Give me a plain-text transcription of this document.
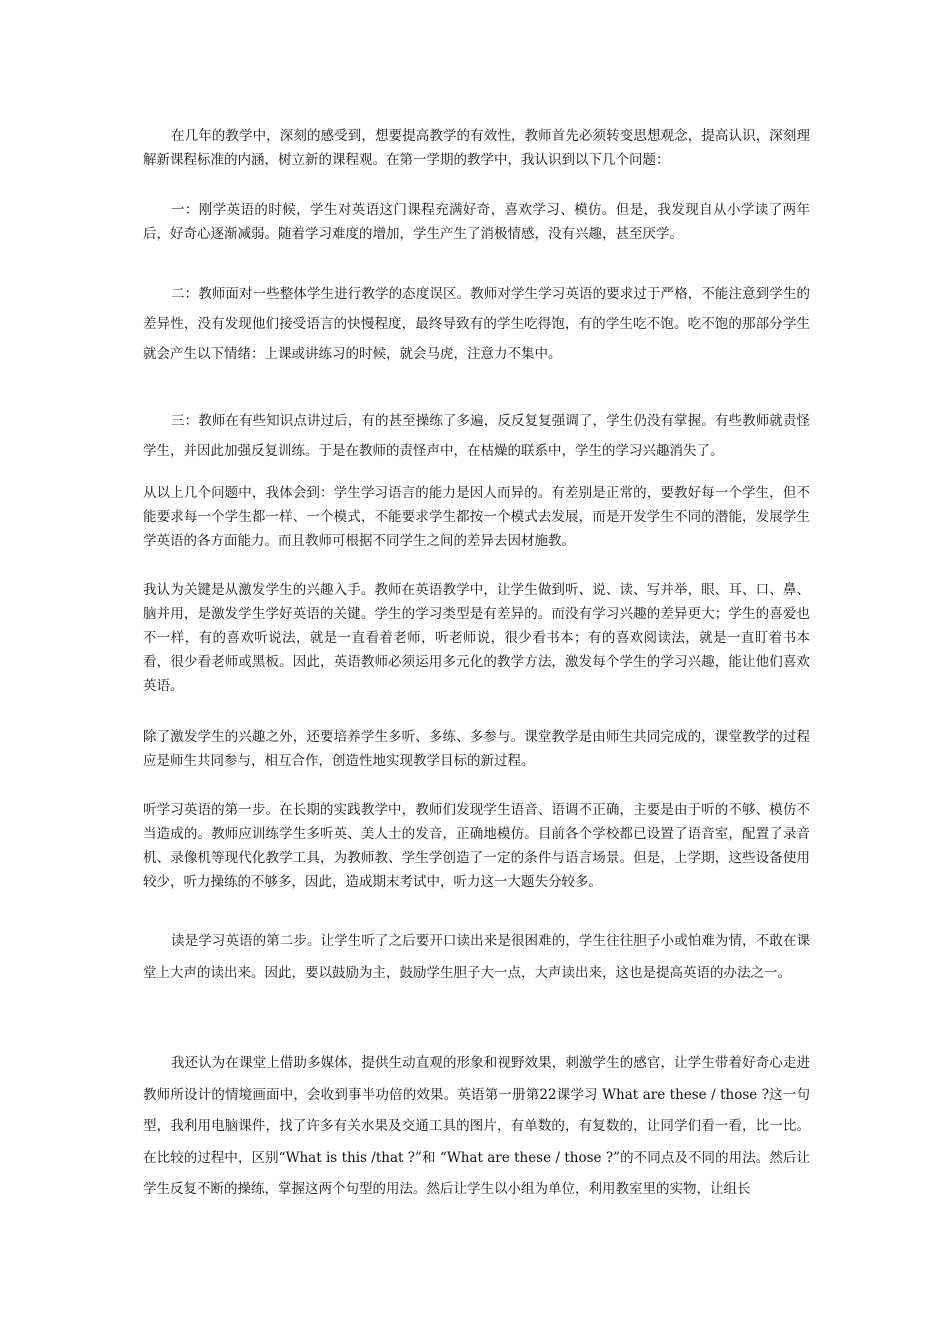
在几年的教学中，深刻的感受到，想要提高教学的有效性，教师首先必须转变思想观念，提高认识，深刻理解新课程标准的内涵，树立新的课程观。在第一学期的教学中，我认识到以下几个问题：

一：刚学英语的时候，学生对英语这门课程充满好奇，喜欢学习、模仿。但是，我发现自从小学读了两年后，好奇心逐渐减弱。随着学习难度的增加，学生产生了消极情感，没有兴趣，甚至厌学。

二：教师面对一些整体学生进行教学的态度误区。教师对学生学习英语的要求过于严格，不能注意到学生的差异性，没有发现他们接受语言的快慢程度，最终导致有的学生吃得饱，有的学生吃不饱。吃不饱的那部分学生就会产生以下情绪：上课或讲练习的时候，就会马虎，注意力不集中。

三：教师在有些知识点讲过后，有的甚至操练了多遍，反反复复强调了，学生仍没有掌握。有些教师就责怪学生，并因此加强反复训练。于是在教师的责怪声中，在枯燥的联系中，学生的学习兴趣消失了。

从以上几个问题中，我体会到：学生学习语言的能力是因人而异的。有差别是正常的，要教好每一个学生，但不能要求每一个学生都一样、一个模式，不能要求学生都按一个模式去发展，而是开发学生不同的潜能，发展学生学英语的各方面能力。而且教师可根据不同学生之间的差异去因材施教。

我认为关键是从激发学生的兴趣入手。教师在英语教学中，让学生做到听、说、读、写并举，眼、耳、口、鼻、脑并用，是激发学生学好英语的关键。学生的学习类型是有差异的。而没有学习兴趣的差异更大；学生的喜爱也不一样，有的喜欢听说法，就是一直看着老师，听老师说，很少看书本；有的喜欢阅读法，就是一直盯着书本看，很少看老师或黑板。因此，英语教师必须运用多元化的教学方法，激发每个学生的学习兴趣，能让他们喜欢英语。

除了激发学生的兴趣之外，还要培养学生多听、多练、多参与。课堂教学是由师生共同完成的，课堂教学的过程应是师生共同参与，相互合作，创造性地实现教学目标的新过程。

听学习英语的第一步。在长期的实践教学中，教师们发现学生语音、语调不正确，主要是由于听的不够、模仿不当造成的。教师应训练学生多听英、美人士的发音，正确地模仿。目前各个学校都已设置了语音室，配置了录音机、录像机等现代化教学工具，为教师教、学生学创造了一定的条件与语言场景。但是，上学期，这些设备使用较少，听力操练的不够多，因此，造成期末考试中，听力这一大题失分较多。

读是学习英语的第二步。让学生听了之后要开口读出来是很困难的，学生往往胆子小或怕难为情，不敢在课堂上大声的读出来。因此，要以鼓励为主，鼓励学生胆子大一点，大声读出来，这也是提高英语的办法之一。

我还认为在课堂上借助多媒体，提供生动直观的形象和视野效果，刺激学生的感官，让学生带着好奇心走进教师所设计的情境画面中，会收到事半功倍的效果。英语第一册第22课学习 What are these / those ?这一句型，我利用电脑课件，找了许多有关水果及交通工具的图片，有单数的，有复数的，让同学们看一看，比一比。在比较的过程中，区别“What is this /that ?”和 “What are these / those ?”的不同点及不同的用法。然后让学生反复不断的操练，掌握这两个句型的用法。然后让学生以小组为单位，利用教室里的实物，让组长
